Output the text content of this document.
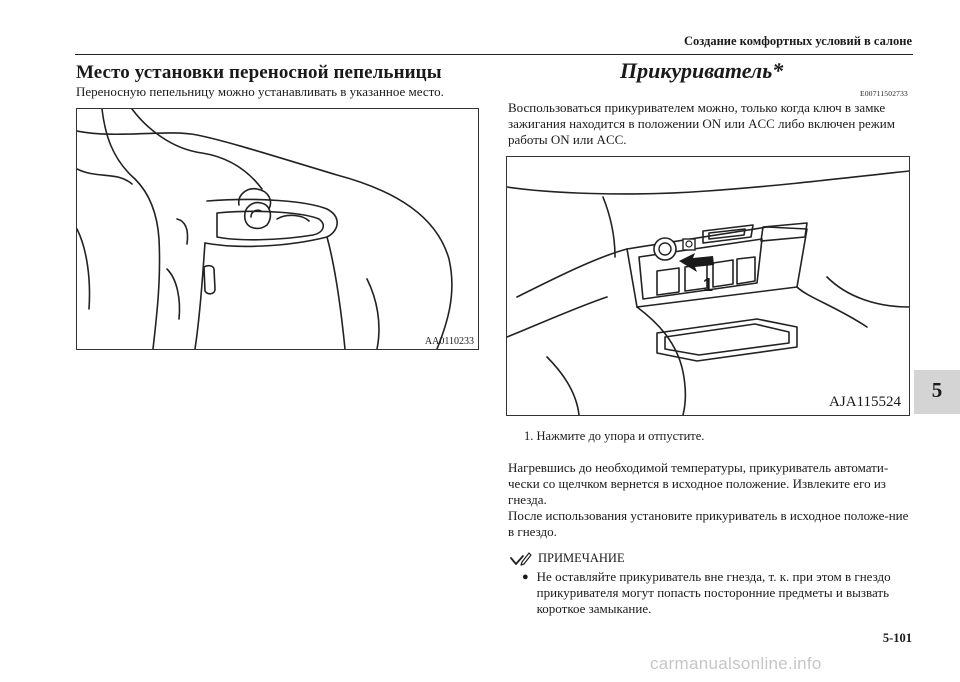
Создание комфортных условий в салоне
Место установки переносной пепельницы
Переносную пепельницу можно устанавливать в указанное место.
AA0110233
Прикуриватель*
E00711502733

Воспользоваться прикуривателем можно, только когда ключ в замке зажигания находится в положении ON или ACC либо включен режим работы ON или ACC.

1
AJA115524
1. Нажмите до упора и отпустите.

Нагревшись до необходимой температуры, прикуриватель автомати-чески со щелчком вернется в исходное положение. Извлеките его из гнезда.

После использования установите прикуриватель в исходное положе-ние в гнездо.

ПРИМЕЧАНИЕ
● Не оставляйте прикуриватель вне гнезда, т. к. при этом в гнездо прикуривателя могут попасть посторонние предметы и вызвать короткое замыкание.
5
5-101
carmanualsonline.info
